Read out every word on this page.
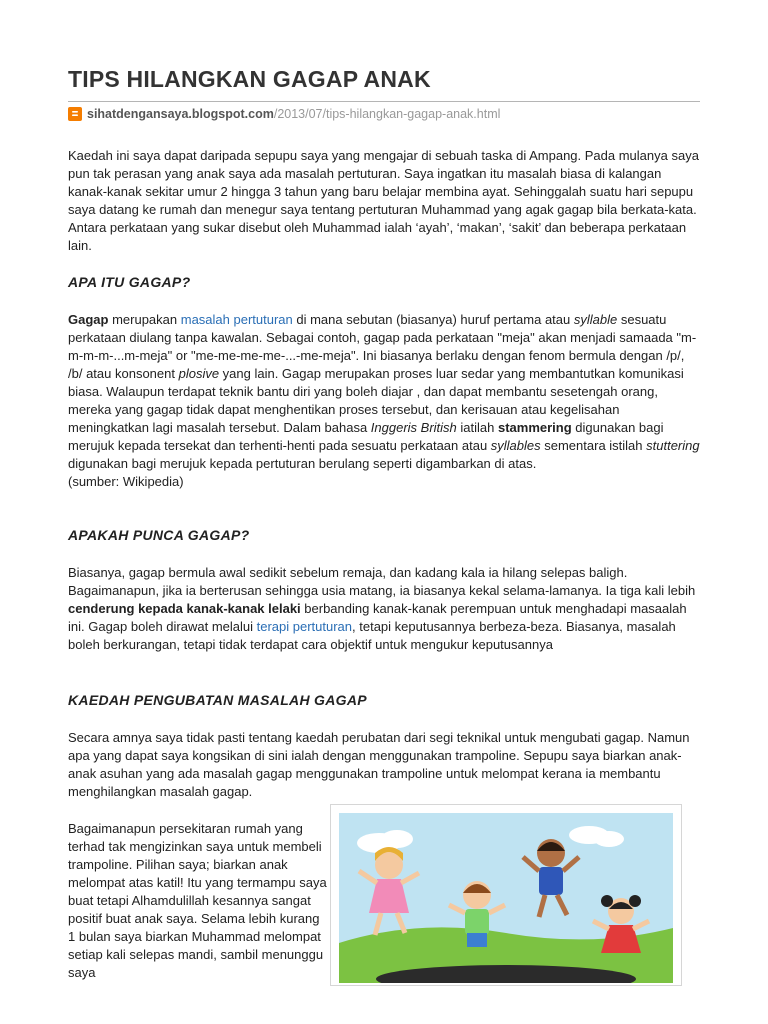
TIPS HILANGKAN GAGAP ANAK
sihatdengansaya.blogspot.com /2013/07/tips-hilangkan-gagap-anak.html

Kaedah ini saya dapat daripada sepupu saya yang mengajar di sebuah taska di Ampang. Pada mulanya saya pun tak perasan yang anak saya ada masalah pertuturan. Saya ingatkan itu masalah biasa di kalangan kanak-kanak sekitar umur 2 hingga 3 tahun yang baru belajar membina ayat. Sehinggalah suatu hari sepupu saya datang ke rumah dan menegur saya tentang pertuturan Muhammad yang agak gagap bila berkata-kata. Antara perkataan yang sukar disebut oleh Muhammad ialah ‘ayah’, ‘makan’, ‘sakit’ dan beberapa perkataan lain.

APA ITU GAGAP?

Gagap merupakan masalah pertuturan di mana sebutan (biasanya) huruf pertama atau syllable sesuatu perkataan diulang tanpa kawalan. Sebagai contoh, gagap pada perkataan "meja" akan menjadi samaada "m-m-m-m-...m-meja" or "me-me-me-me-...-me-meja". Ini biasanya berlaku dengan fenom bermula dengan /p/, /b/ atau konsonent plosive yang lain. Gagap merupakan proses luar sedar yang membantutkan komunikasi biasa. Walaupun terdapat teknik bantu diri yang boleh diajar , dan dapat membantu sesetengah orang, mereka yang gagap tidak dapat menghentikan proses tersebut, dan kerisauan atau kegelisahan meningkatkan lagi masalah tersebut. Dalam bahasa Inggeris British iatilah stammering digunakan bagi merujuk kepada tersekat dan terhenti-henti pada sesuatu perkataan atau syllables sementara istilah stuttering digunakan bagi merujuk kepada pertuturan berulang seperti digambarkan di atas.
(sumber: Wikipedia)

APAKAH PUNCA GAGAP?

Biasanya, gagap bermula awal sedikit sebelum remaja, dan kadang kala ia hilang selepas baligh. Bagaimanapun, jika ia berterusan sehingga usia matang, ia biasanya kekal selama-lamanya. Ia tiga kali lebih cenderung kepada kanak-kanak lelaki berbanding kanak-kanak perempuan untuk menghadapi masaalah ini. Gagap boleh dirawat melalui terapi pertuturan, tetapi keputusannya berbeza-beza. Biasanya, masalah boleh berkurangan, tetapi tidak terdapat cara objektif untuk mengukur keputusannya

KAEDAH PENGUBATAN MASALAH GAGAP

Secara amnya saya tidak pasti tentang kaedah perubatan dari segi teknikal untuk mengubati gagap. Namun apa yang dapat saya kongsikan di sini ialah dengan menggunakan trampoline. Sepupu saya biarkan anak-anak asuhan yang ada masalah gagap menggunakan trampoline untuk melompat kerana ia membantu menghilangkan masalah gagap.

Bagaimanapun persekitaran rumah yang terhad tak mengizinkan saya untuk membeli trampoline. Pilihan saya; biarkan anak melompat atas katil! Itu yang termampu saya buat tetapi Alhamdulillah kesannya sangat positif buat anak saya. Selama lebih kurang 1 bulan saya biarkan Muhammad melompat setiap kali selepas mandi, sambil menunggu saya
